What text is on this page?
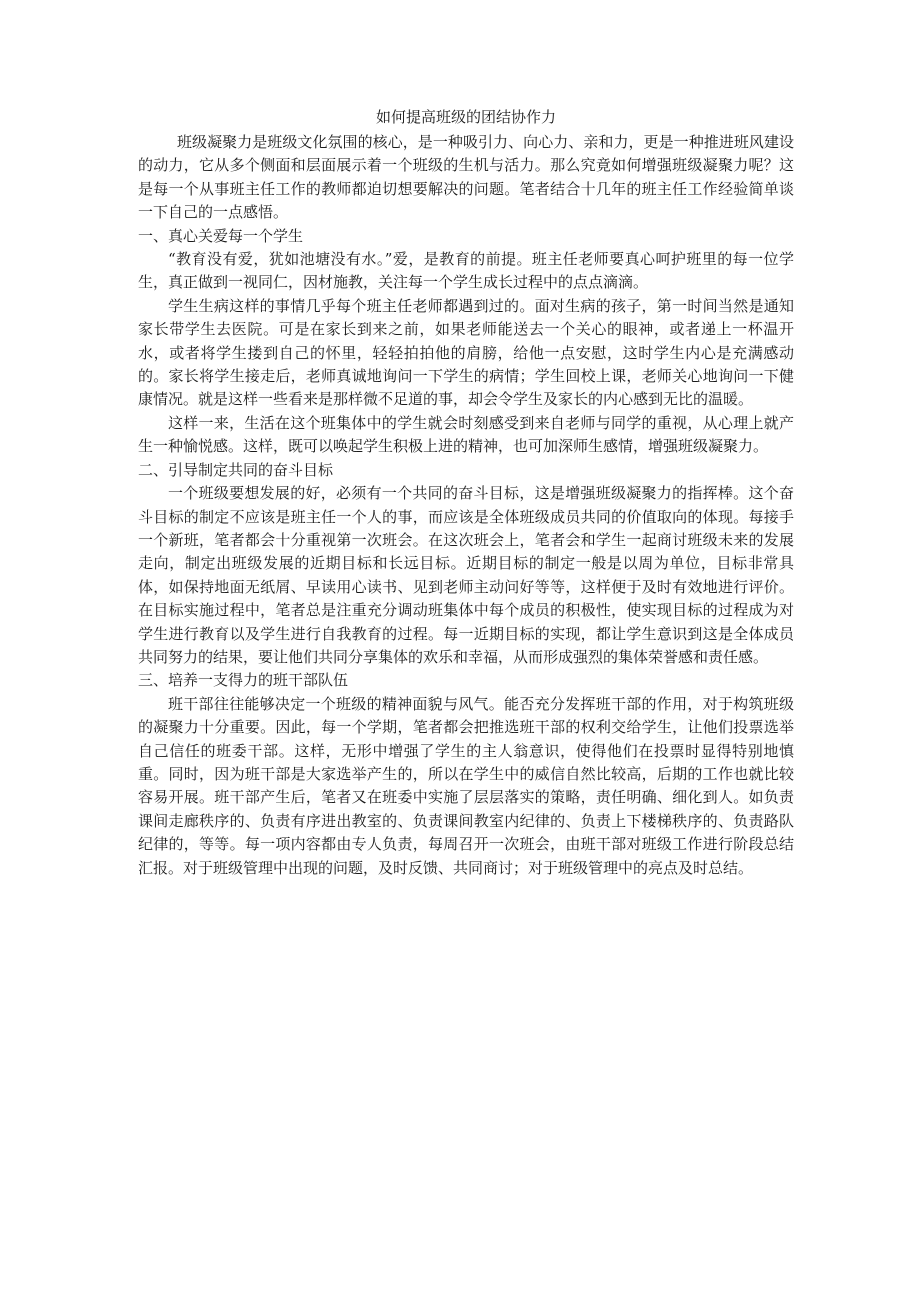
如何提高班级的团结协作力

班级凝聚力是班级文化氛围的核心，是一种吸引力、向心力、亲和力，更是一种推进班风建设的动力，它从多个侧面和层面展示着一个班级的生机与活力。那么究竟如何增强班级凝聚力呢？这是每一个从事班主任工作的教师都迫切想要解决的问题。笔者结合十几年的班主任工作经验简单谈一下自己的一点感悟。

一、真心关爱每一个学生

“教育没有爱，犹如池塘没有水。”爱，是教育的前提。班主任老师要真心呵护班里的每一位学生，真正做到一视同仁，因材施教，关注每一个学生成长过程中的点点滴滴。

学生生病这样的事情几乎每个班主任老师都遇到过的。面对生病的孩子，第一时间当然是通知家长带学生去医院。可是在家长到来之前，如果老师能送去一个关心的眼神，或者递上一杯温开水，或者将学生搂到自己的怀里，轻轻拍拍他的肩膀，给他一点安慰，这时学生内心是充满感动的。家长将学生接走后，老师真诚地询问一下学生的病情；学生回校上课，老师关心地询问一下健康情况。就是这样一些看来是那样微不足道的事，却会令学生及家长的内心感到无比的温暖。

这样一来，生活在这个班集体中的学生就会时刻感受到来自老师与同学的重视，从心理上就产生一种愉悦感。这样，既可以唤起学生积极上进的精神，也可加深师生感情，增强班级凝聚力。

二、引导制定共同的奋斗目标

一个班级要想发展的好，必须有一个共同的奋斗目标，这是增强班级凝聚力的指挥棒。这个奋斗目标的制定不应该是班主任一个人的事，而应该是全体班级成员共同的价值取向的体现。每接手一个新班，笔者都会十分重视第一次班会。在这次班会上，笔者会和学生一起商讨班级未来的发展走向，制定出班级发展的近期目标和长远目标。近期目标的制定一般是以周为单位，目标非常具体，如保持地面无纸屑、早读用心读书、见到老师主动问好等等，这样便于及时有效地进行评价。在目标实施过程中，笔者总是注重充分调动班集体中每个成员的积极性，使实现目标的过程成为对学生进行教育以及学生进行自我教育的过程。每一近期目标的实现，都让学生意识到这是全体成员共同努力的结果，要让他们共同分享集体的欢乐和幸福，从而形成强烈的集体荣誉感和责任感。

三、培养一支得力的班干部队伍

班干部往往能够决定一个班级的精神面貌与风气。能否充分发挥班干部的作用，对于构筑班级的凝聚力十分重要。因此，每一个学期，笔者都会把推选班干部的权利交给学生，让他们投票选举自己信任的班委干部。这样，无形中增强了学生的主人翁意识，使得他们在投票时显得特别地慎重。同时，因为班干部是大家选举产生的，所以在学生中的威信自然比较高，后期的工作也就比较容易开展。班干部产生后，笔者又在班委中实施了层层落实的策略，责任明确、细化到人。如负责课间走廊秩序的、负责有序进出教室的、负责课间教室内纪律的、负责上下楼梯秩序的、负责路队纪律的，等等。每一项内容都由专人负责，每周召开一次班会，由班干部对班级工作进行阶段总结汇报。对于班级管理中出现的问题，及时反馈、共同商讨；对于班级管理中的亮点及时总结。
